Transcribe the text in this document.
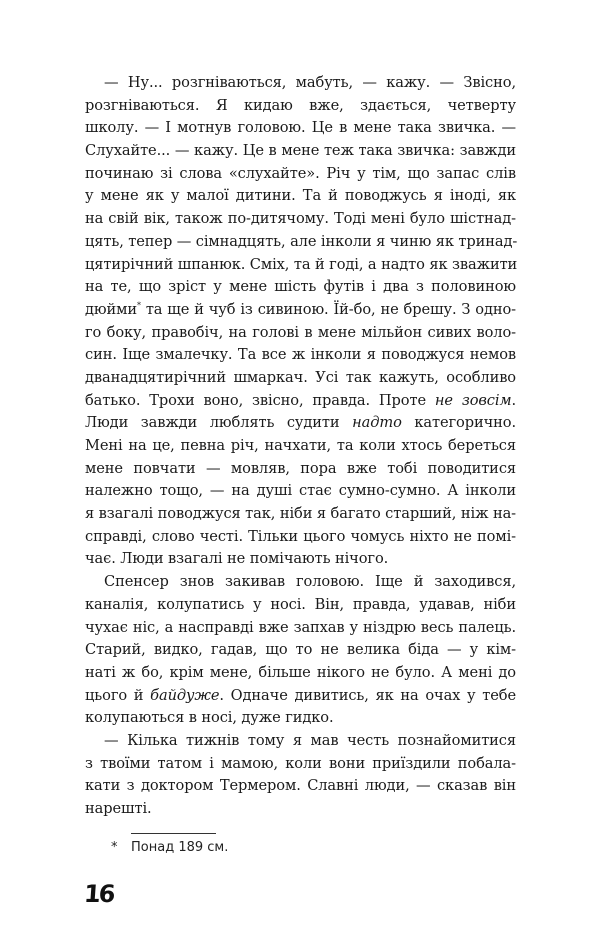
— Ну... розгніваються, мабуть, — кажу. — Звісно,
розгніваються. Я кидаю вже, здається, четверту
школу. — І мотнув головою. Це в мене така звичка. —
Слухайте... — кажу. Це в мене теж така звичка: завжди
починаю зі слова «слухайте». Річ у тім, що запас слів
у мене як у малої дитини. Та й поводжусь я іноді, як
на свій вік, також по-дитячому. Тоді мені було шістнад-
цять, тепер — сімнадцять, але інколи я чиню як тринад-
цятирічний шпанюк. Сміх, та й годі, а надто як зважити
на те, що зріст у мене шість футів і два з половиною
дюйми* та ще й чуб із сивиною. Їй-бо, не брешу. З одно-
го боку, правобіч, на голові в мене мільйон сивих воло-
син. Іще змалечку. Та все ж інколи я поводжуся немов
дванадцятирічний шмаркач. Усі так кажуть, особливо
батько. Трохи воно, звісно, правда. Проте не зовсім.
Люди завжди люблять судити надто категорично.
Мені на це, певна річ, начхати, та коли хтось береться
мене повчати — мовляв, пора вже тобі поводитися
належно тощо, — на душі стає сумно-сумно. А інколи
я взагалі поводжуся так, ніби я багато старший, ніж на-
справді, слово честі. Тільки цього чомусь ніхто не помі-
чає. Люди взагалі не помічають нічого.
Спенсер знов закивав головою. Іще й заходився,
каналія, колупатись у носі. Він, правда, удавав, ніби
чухає ніс, а насправді вже запхав у ніздрю весь палець.
Старий, видко, гадав, що то не велика біда — у кім-
наті ж бо, крім мене, більше нікого не було. А мені до
цього й байдуже. Одначе дивитись, як на очах у тебе
колупаються в носі, дуже гидко.
— Кілька тижнів тому я мав честь познайомитися
з твоїми татом і мамою, коли вони приїздили побала-
кати з доктором Термером. Славні люди, — сказав він
нарешті.
* Понад 189 см.
16
